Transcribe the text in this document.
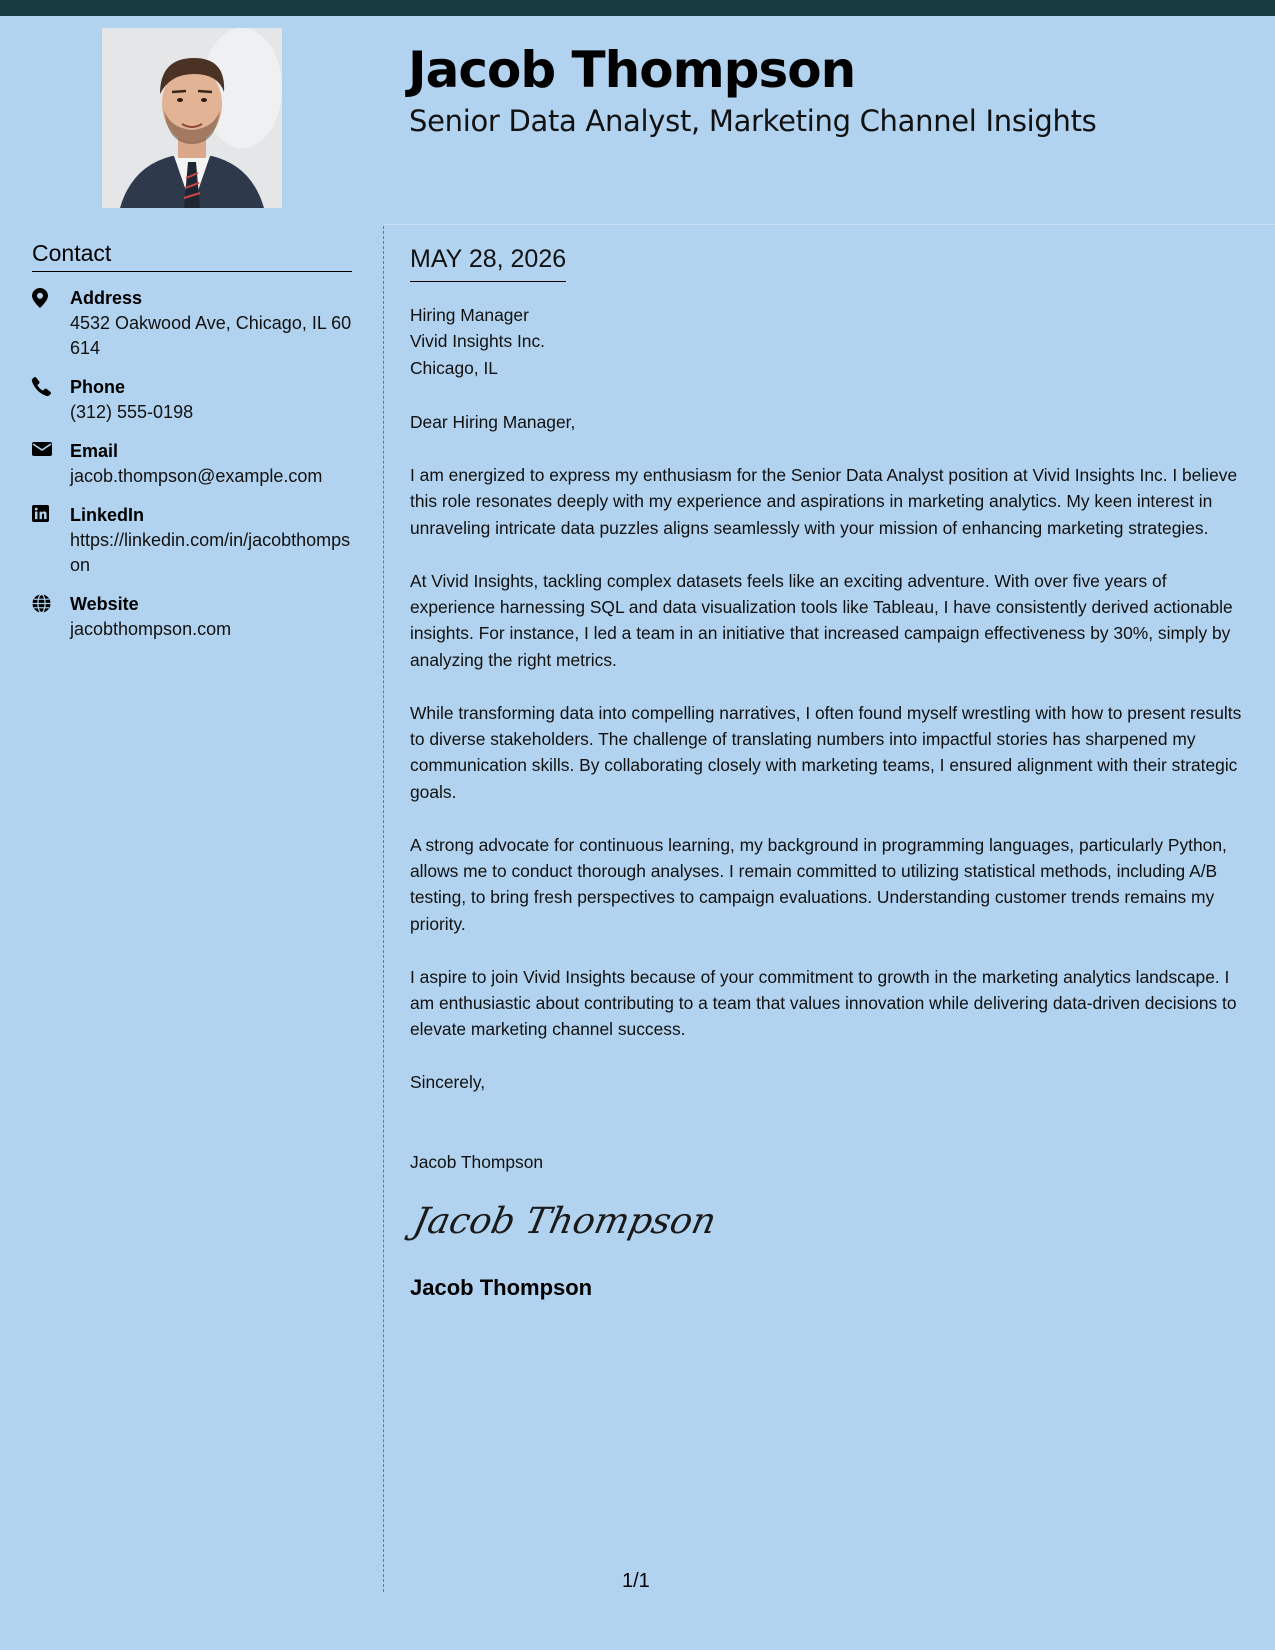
Jacob Thompson
Senior Data Analyst, Marketing Channel Insights
Contact
Address
4532 Oakwood Ave, Chicago, IL 60614
Phone
(312) 555-0198
Email
jacob.thompson@example.com
LinkedIn
https://linkedin.com/in/jacobthompson
Website
jacobthompson.com
MAY 28, 2026
Hiring Manager
Vivid Insights Inc.
Chicago, IL

Dear Hiring Manager,

I am energized to express my enthusiasm for the Senior Data Analyst position at Vivid Insights Inc. I believe this role resonates deeply with my experience and aspirations in marketing analytics. My keen interest in unraveling intricate data puzzles aligns seamlessly with your mission of enhancing marketing strategies.

At Vivid Insights, tackling complex datasets feels like an exciting adventure. With over five years of experience harnessing SQL and data visualization tools like Tableau, I have consistently derived actionable insights. For instance, I led a team in an initiative that increased campaign effectiveness by 30%, simply by analyzing the right metrics.

While transforming data into compelling narratives, I often found myself wrestling with how to present results to diverse stakeholders. The challenge of translating numbers into impactful stories has sharpened my communication skills. By collaborating closely with marketing teams, I ensured alignment with their strategic goals.

A strong advocate for continuous learning, my background in programming languages, particularly Python, allows me to conduct thorough analyses. I remain committed to utilizing statistical methods, including A/B testing, to bring fresh perspectives to campaign evaluations. Understanding customer trends remains my priority.

I aspire to join Vivid Insights because of your commitment to growth in the marketing analytics landscape. I am enthusiastic about contributing to a team that values innovation while delivering data-driven decisions to elevate marketing channel success.

Sincerely,

Jacob Thompson

Jacob Thompson
Jacob Thompson
1/1
